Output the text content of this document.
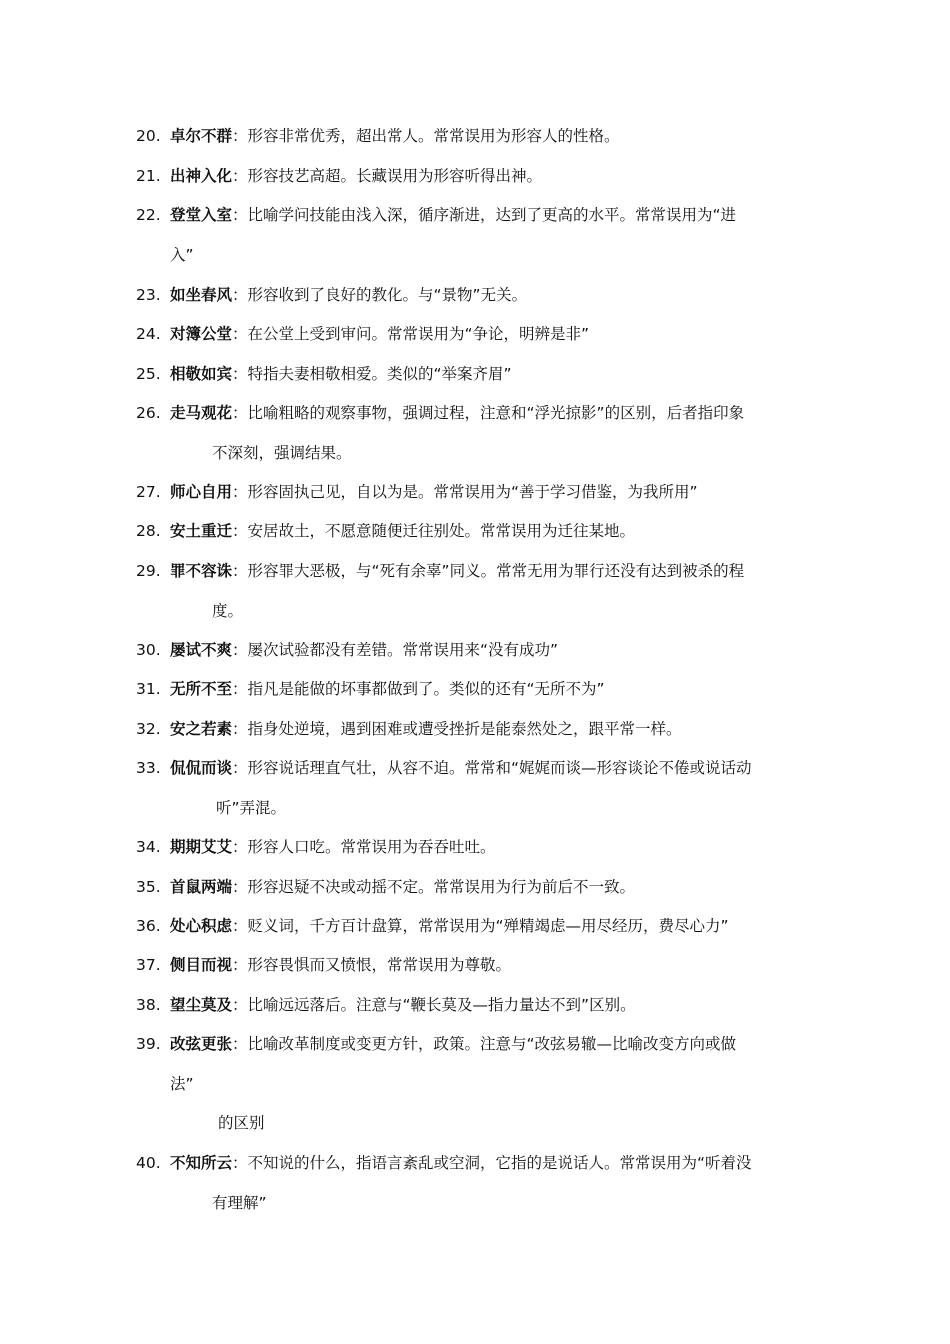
20. 卓尔不群：形容非常优秀，超出常人。常常误用为形容人的性格。
21. 出神入化：形容技艺高超。长藏误用为形容听得出神。
22. 登堂入室：比喻学问技能由浅入深，循序渐进，达到了更高的水平。常常误用为“进
入”
23. 如坐春风：形容收到了良好的教化。与“景物”无关。
24. 对簿公堂：在公堂上受到审问。常常误用为“争论，明辨是非”
25. 相敬如宾：特指夫妻相敬相爱。类似的“举案齐眉”
26. 走马观花：比喻粗略的观察事物，强调过程，注意和“浮光掠影”的区别，后者指印象
不深刻，强调结果。
27. 师心自用：形容固执己见，自以为是。常常误用为“善于学习借鉴，为我所用”
28. 安土重迁：安居故土，不愿意随便迁往别处。常常误用为迁往某地。
29. 罪不容诛：形容罪大恶极，与“死有余辜”同义。常常无用为罪行还没有达到被杀的程
度。
30. 屡试不爽：屡次试验都没有差错。常常误用来“没有成功”
31. 无所不至：指凡是能做的坏事都做到了。类似的还有“无所不为”
32. 安之若素：指身处逆境，遇到困难或遭受挫折是能泰然处之，跟平常一样。
33. 侃侃而谈：形容说话理直气壮，从容不迫。常常和“娓娓而谈—形容谈论不倦或说话动
听”弄混。
34. 期期艾艾：形容人口吃。常常误用为吞吞吐吐。
35. 首鼠两端：形容迟疑不决或动摇不定。常常误用为行为前后不一致。
36. 处心积虑：贬义词，千方百计盘算，常常误用为“殚精竭虑—用尽经历，费尽心力”
37. 侧目而视：形容畏惧而又愤恨，常常误用为尊敬。
38. 望尘莫及：比喻远远落后。注意与“鞭长莫及—指力量达不到”区别。
39. 改弦更张：比喻改革制度或变更方针，政策。注意与“改弦易辙—比喻改变方向或做
法”
的区别
40. 不知所云：不知说的什么，指语言紊乱或空洞，它指的是说话人。常常误用为“听着没
有理解”
